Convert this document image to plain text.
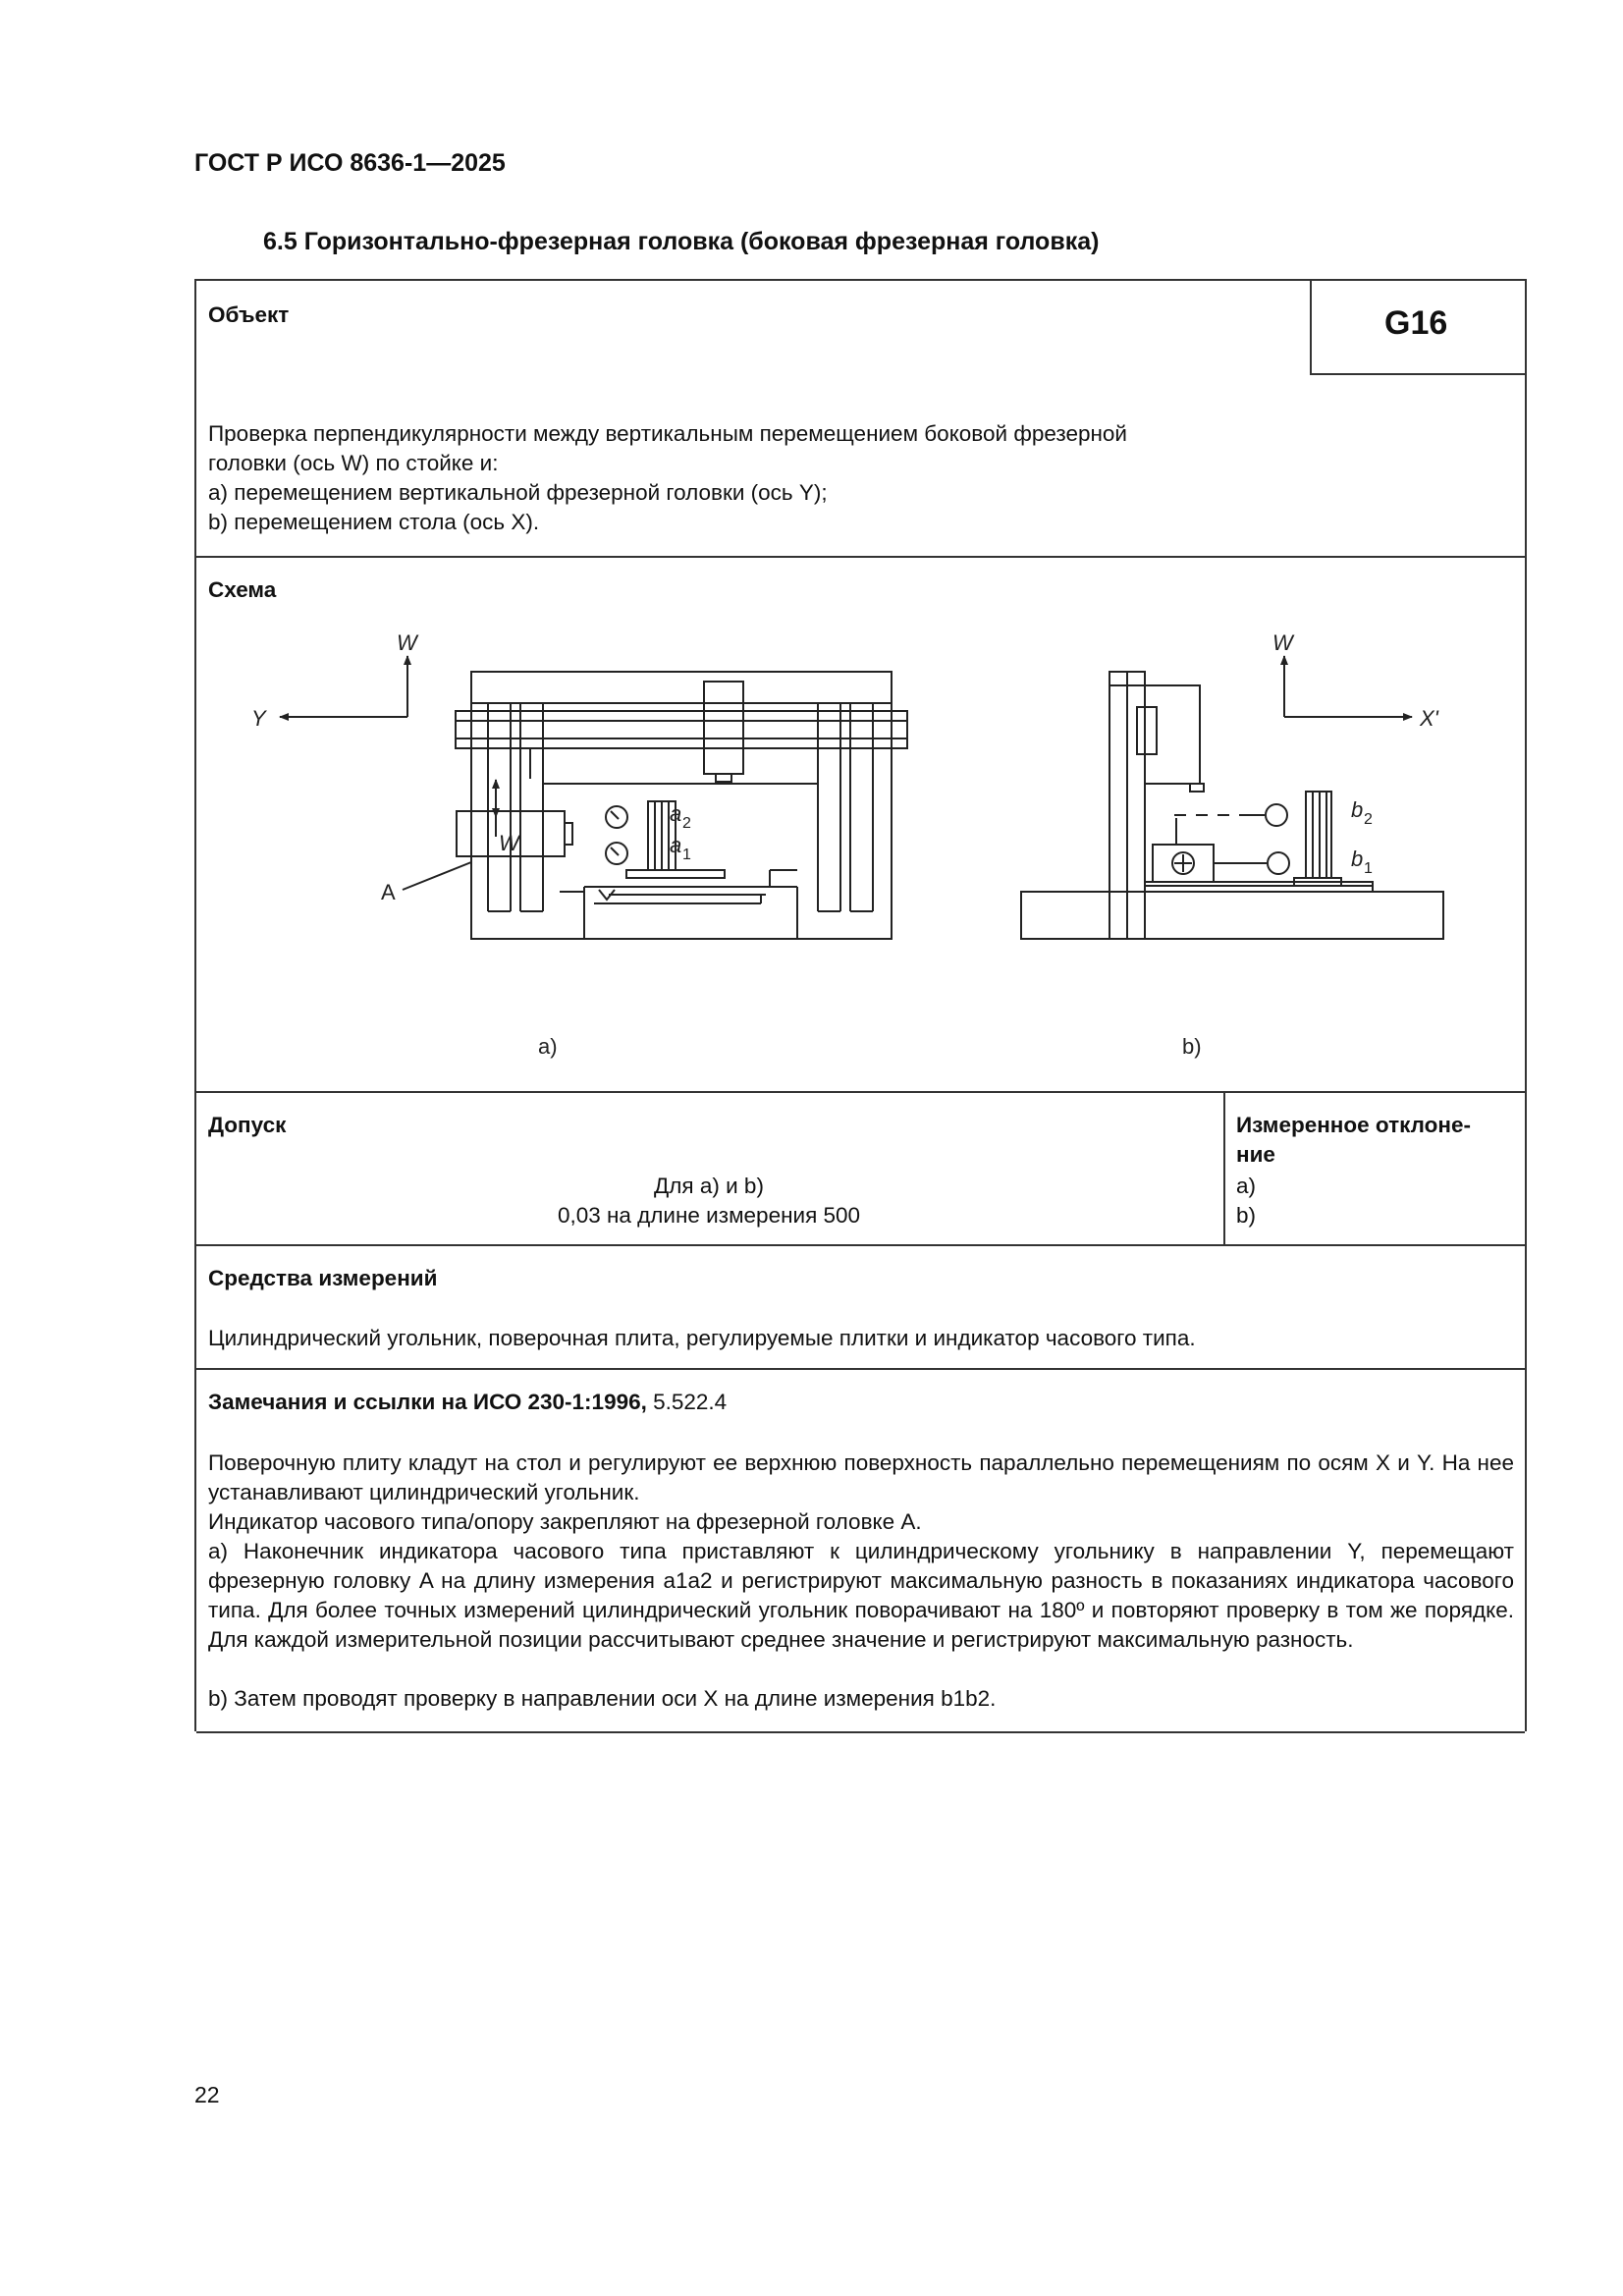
ГОСТ Р ИСО 8636-1—2025
6.5 Горизонтально-фрезерная головка (боковая фрезерная головка)
Объект	G16
Проверка перпендикулярности между вертикальным перемещением боковой фрезерной
головки (ось W) по стойке и:
a) перемещением вертикальной фрезерной головки (ось Y);
b) перемещением стола (ось X).
Схема
W
Y
W
a 2
a 1
W
X'
b 2
b 1
A
a)	b)
Допуск
Для a) и b)
0,03 на длине измерения 500
Измеренное отклоне-
ние
a)
b)
Средства измерений
Цилиндрический угольник, поверочная плита, регулируемые плитки и индикатор часового типа.
Замечания и ссылки на ИСО 230-1:1996, 5.522.4
Поверочную плиту кладут на стол и регулируют ее верхнюю поверхность параллельно перемещениям по осям X и Y. На нее устанавливают цилиндрический угольник.
Индикатор часового типа/опору закрепляют на фрезерной головке A.
a) Наконечник индикатора часового типа приставляют к цилиндрическому угольнику в направлении Y, перемещают фрезерную головку A на длину измерения a1a2 и регистрируют максимальную разность в показаниях индикатора часового типа. Для более точных измерений цилиндрический угольник поворачивают на 180º и повторяют проверку в том же порядке. Для каждой измерительной позиции рассчитывают среднее значение и регистрируют максимальную разность.
b) Затем проводят проверку в направлении оси X на длине измерения b1b2.
22
